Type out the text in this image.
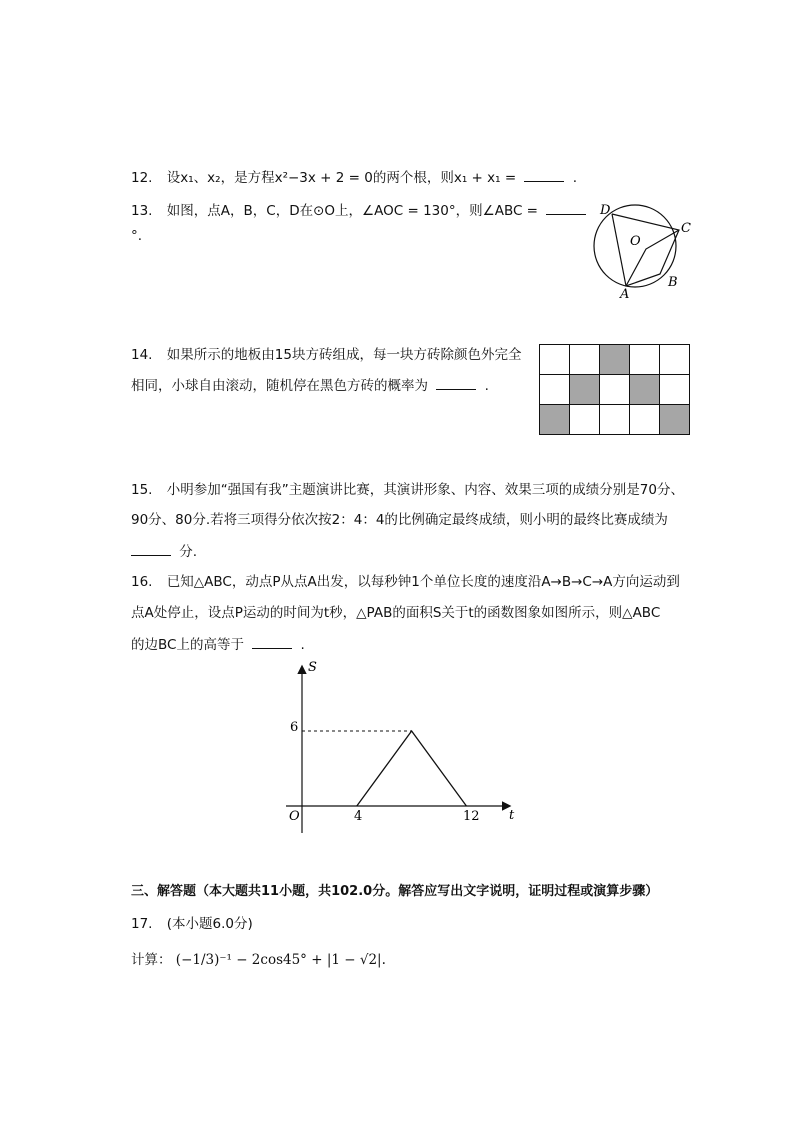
12. 设x₁、x₂，是方程x²−3x + 2 = 0的两个根，则x₁ + x₁ =	.
13. 如图，点A，B，C，D在⊙O上，∠AOC = 130°，则∠ABC =
°.
D
C
O
B
A
14. 如果所示的地板由15块方砖组成，每一块方砖除颜色外完全
相同，小球自由滚动，随机停在黑色方砖的概率为	.
15. 小明参加“强国有我”主题演讲比赛，其演讲形象、内容、效果三项的成绩分别是70分、
90分、80分.若将三项得分依次按2：4：4的比例确定最终成绩，则小明的最终比赛成绩为
分.
16. 已知△ABC，动点P从点A出发，以每秒钟1个单位长度的速度沿A→B→C→A方向运动到
点A处停止，设点P运动的时间为t秒，△PAB的面积S关于t的函数图象如图所示，则△ABC
的边BC上的高等于	.
S
t
O
6
4	12
三、解答题（本大题共11小题，共102.0分。解答应写出文字说明，证明过程或演算步骤）
17. (本小题6.0分)
计算： (−1/3)⁻¹ − 2cos45° + |1 − √2|.
